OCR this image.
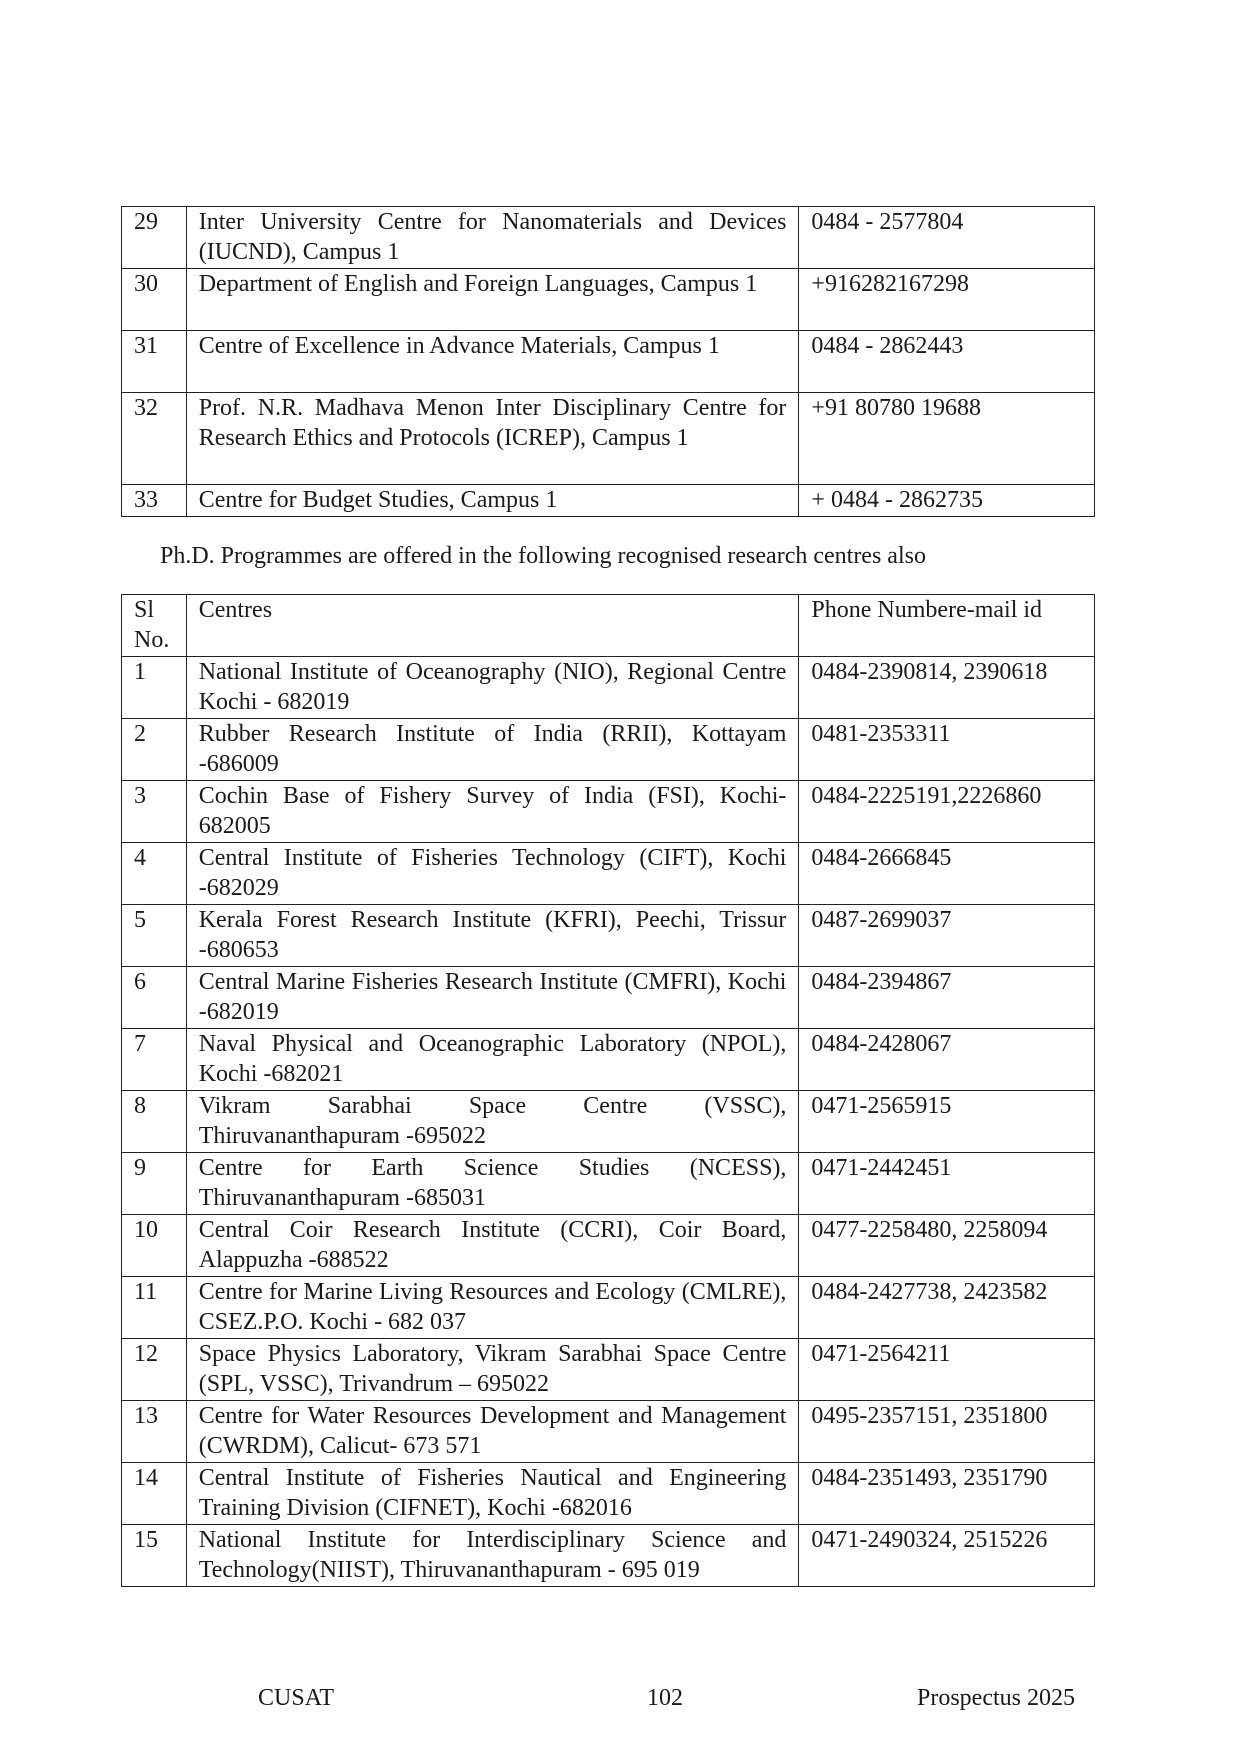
29	Inter University Centre for Nanomaterials and Devices (IUCND), Campus 1	0484 - 2577804
30	Department of English and Foreign Languages, Campus 1	+916282167298
31	Centre of Excellence in Advance Materials, Campus 1	0484 - 2862443
32	Prof. N.R. Madhava Menon Inter Disciplinary Centre for Research Ethics and Protocols (ICREP), Campus 1	+91 80780 19688
33	Centre for Budget Studies, Campus 1	+ 0484 - 2862735
Ph.D. Programmes are offered in the following recognised research centres also
Sl No.	Centres	Phone Numbere-mail id
1	National Institute of Oceanography (NIO), Regional Centre Kochi - 682019	0484-2390814, 2390618
2	Rubber Research Institute of India (RRII), Kottayam -686009	0481-2353311
3	Cochin Base of Fishery Survey of India (FSI), Kochi-682005	0484-2225191,2226860
4	Central Institute of Fisheries Technology (CIFT), Kochi -682029	0484-2666845
5	Kerala Forest Research Institute (KFRI), Peechi, Trissur -680653	0487-2699037
6	Central Marine Fisheries Research Institute (CMFRI), Kochi -682019	0484-2394867
7	Naval Physical and Oceanographic Laboratory (NPOL), Kochi -682021	0484-2428067
8	Vikram Sarabhai Space Centre (VSSC), Thiruvananthapuram -695022	0471-2565915
9	Centre for Earth Science Studies (NCESS), Thiruvananthapuram -685031	0471-2442451
10	Central Coir Research Institute (CCRI), Coir Board, Alappuzha -688522	0477-2258480, 2258094
11	Centre for Marine Living Resources and Ecology (CMLRE), CSEZ.P.O. Kochi - 682 037	0484-2427738, 2423582
12	Space Physics Laboratory, Vikram Sarabhai Space Centre (SPL, VSSC), Trivandrum – 695022	0471-2564211
13	Centre for Water Resources Development and Management (CWRDM), Calicut- 673 571	0495-2357151, 2351800
14	Central Institute of Fisheries Nautical and Engineering Training Division (CIFNET), Kochi -682016	0484-2351493, 2351790
15	National Institute for Interdisciplinary Science and Technology(NIIST), Thiruvananthapuram - 695 019	0471-2490324, 2515226
CUSAT	102	Prospectus 2025
